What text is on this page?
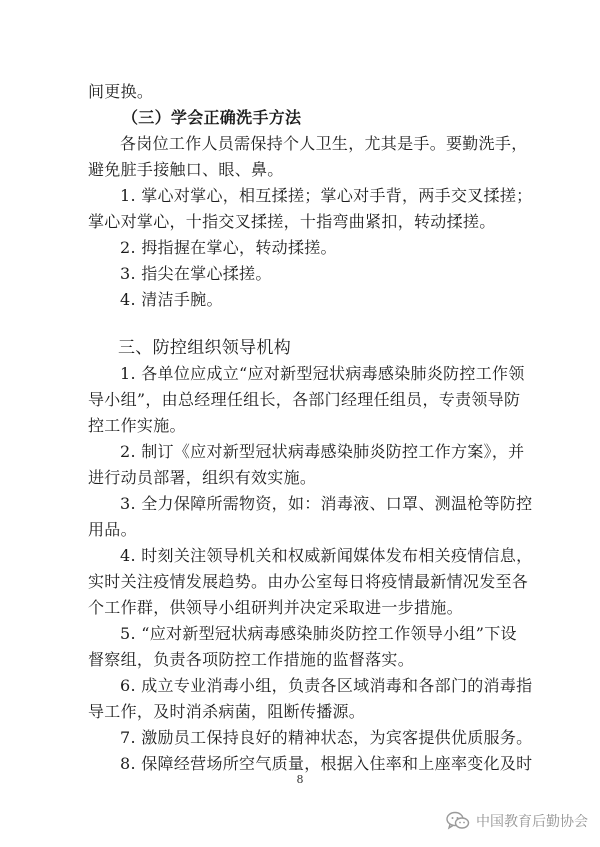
间更换。
（三）学会正确洗手方法
各岗位工作人员需保持个人卫生，尤其是手。要勤洗手，
避免脏手接触口、眼、鼻。
1. 掌心对掌心，相互揉搓；掌心对手背，两手交叉揉搓；
掌心对掌心，十指交叉揉搓，十指弯曲紧扣，转动揉搓。
2. 拇指握在掌心，转动揉搓。
3. 指尖在掌心揉搓。
4. 清洁手腕。
三、防控组织领导机构
1. 各单位应成立“应对新型冠状病毒感染肺炎防控工作领
导小组”，由总经理任组长，各部门经理任组员，专责领导防
控工作实施。
2. 制订《应对新型冠状病毒感染肺炎防控工作方案》，并
进行动员部署，组织有效实施。
3. 全力保障所需物资，如：消毒液、口罩、测温枪等防控
用品。
4. 时刻关注领导机关和权威新闻媒体发布相关疫情信息，
实时关注疫情发展趋势。由办公室每日将疫情最新情况发至各
个工作群，供领导小组研判并决定采取进一步措施。
5. “应对新型冠状病毒感染肺炎防控工作领导小组”下设
督察组，负责各项防控工作措施的监督落实。
6. 成立专业消毒小组，负责各区域消毒和各部门的消毒指
导工作，及时消杀病菌，阻断传播源。
7. 激励员工保持良好的精神状态，为宾客提供优质服务。
8. 保障经营场所空气质量，根据入住率和上座率变化及时
8
中国教育后勤协会
